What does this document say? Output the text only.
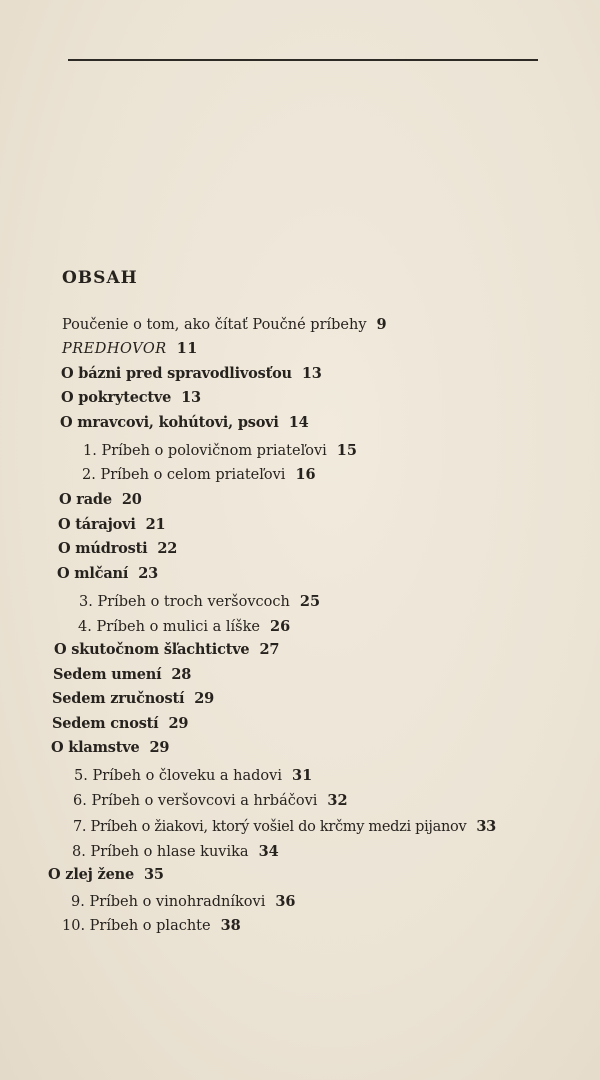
OBSAH
Poučenie o tom, ako čítať Poučné príbehy 9
PREDHOVOR 11
O bázni pred spravodlivosťou 13
O pokrytectve 13
O mravcovi, kohútovi, psovi 14
1. Príbeh o polovičnom priateľovi 15
2. Príbeh o celom priateľovi 16
O rade 20
O tárajovi 21
O múdrosti 22
O mlčaní 23
3. Príbeh o troch veršovcoch 25
4. Príbeh o mulici a líške 26
O skutočnom šľachtictve 27
Sedem umení 28
Sedem zručností 29
Sedem cností 29
O klamstve 29
5. Príbeh o človeku a hadovi 31
6. Príbeh o veršovcovi a hrbáčovi 32
7. Príbeh o žiakovi, ktorý vošiel do krčmy medzi pijanov 33
8. Príbeh o hlase kuvika 34
O zlej žene 35
9. Príbeh o vinohradníkovi 36
10. Príbeh o plachte 38
